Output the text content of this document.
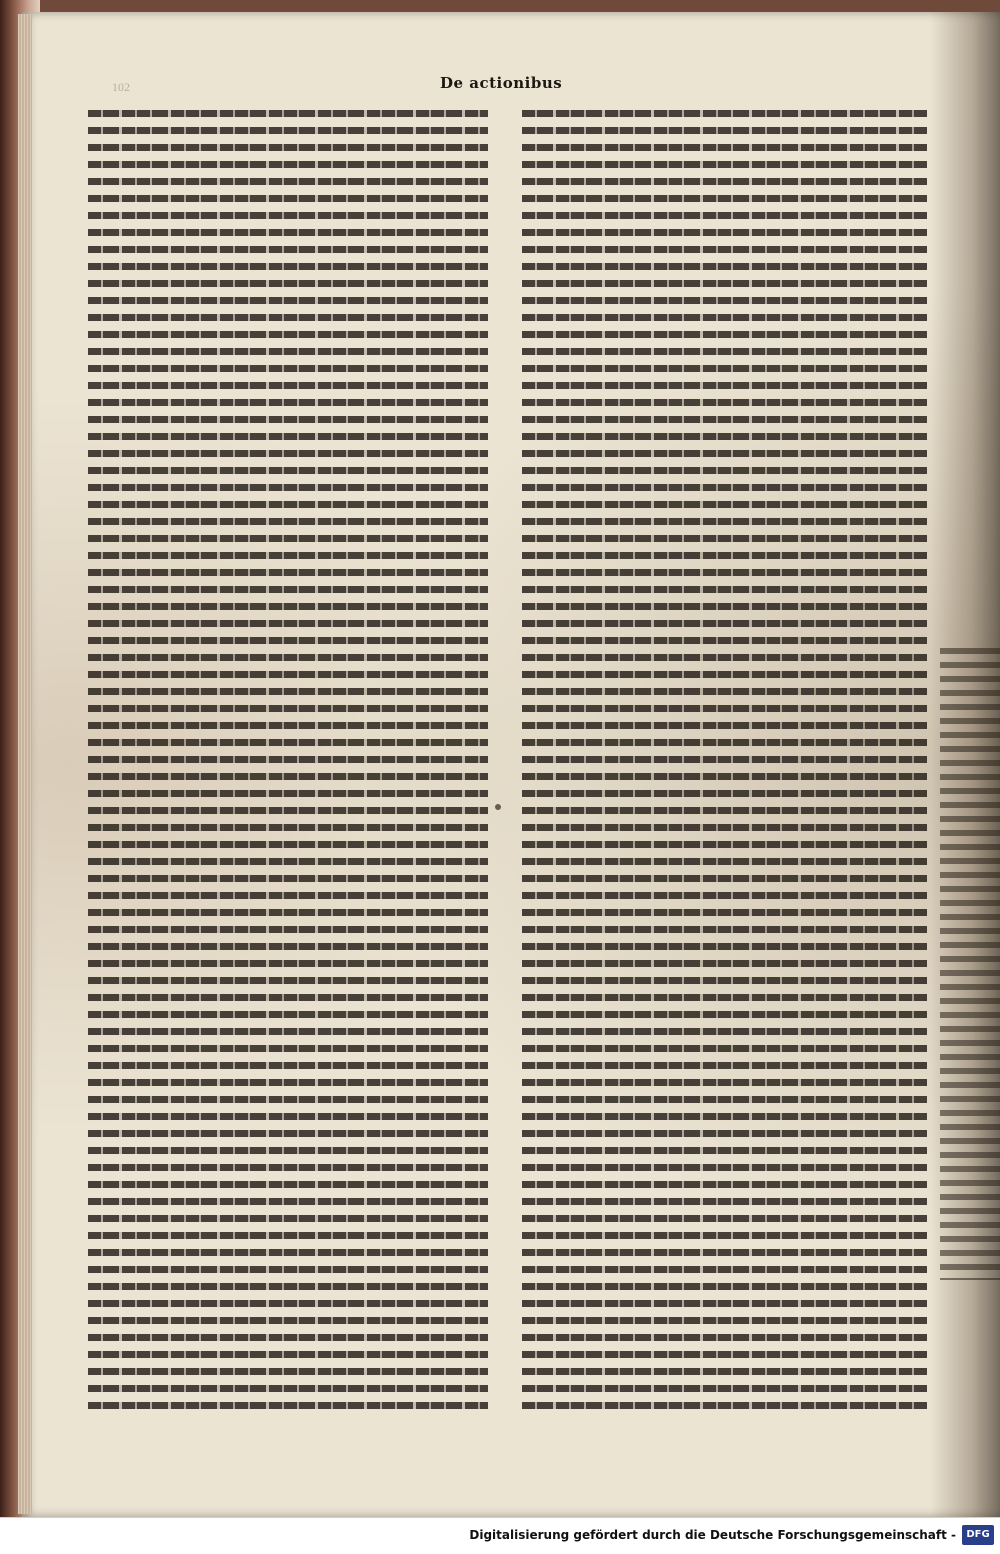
102	De actionibus
Digitalisierung gefördert durch die Deutsche Forschungsgemeinschaft -	DFG
